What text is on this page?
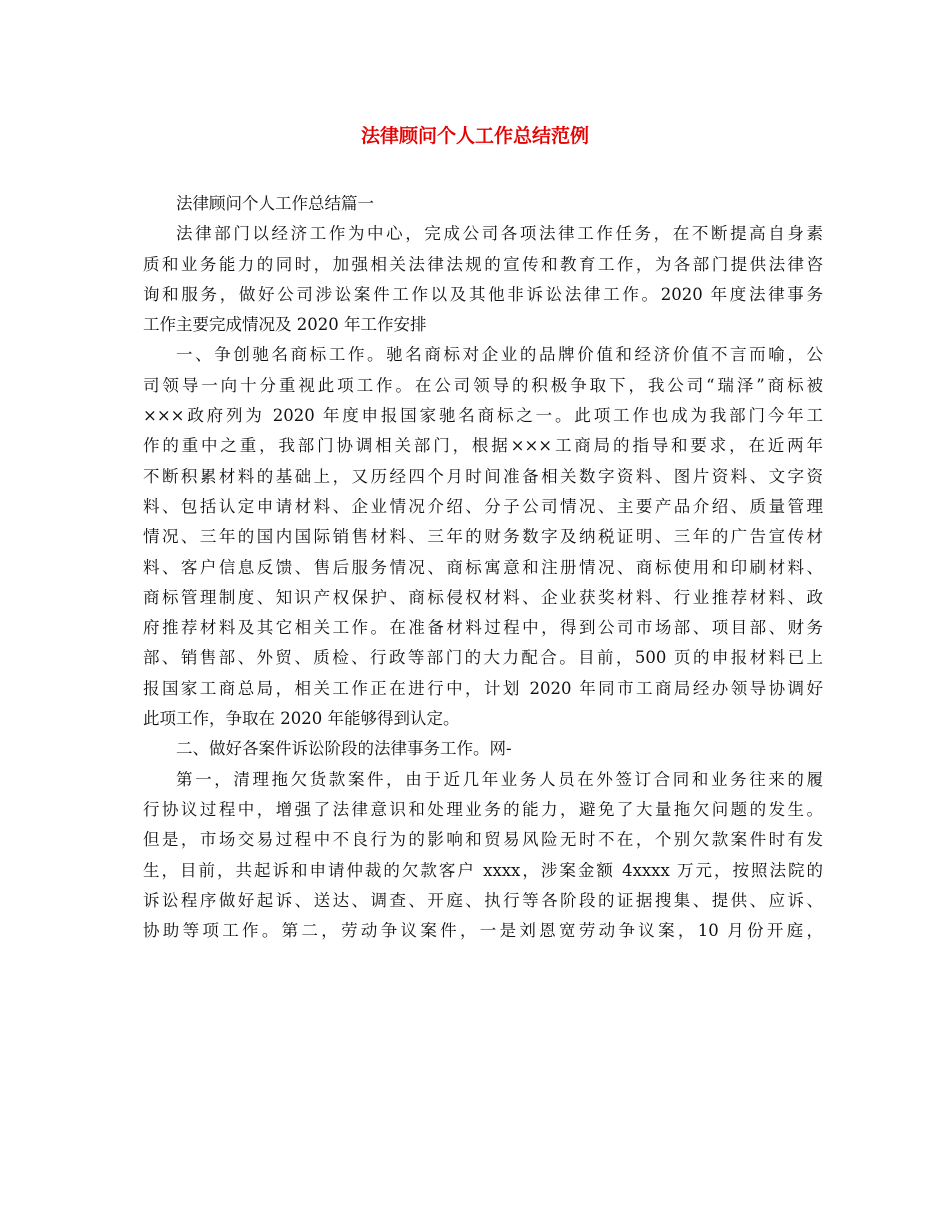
法律顾问个人工作总结范例
法律顾问个人工作总结篇一
法律部门以经济工作为中心，完成公司各项法律工作任务，在不断提高自身素
质和业务能力的同时，加强相关法律法规的宣传和教育工作，为各部门提供法律咨
询和服务，做好公司涉讼案件工作以及其他非诉讼法律工作。2020 年度法律事务
工作主要完成情况及 2020 年工作安排
一、争创驰名商标工作。驰名商标对企业的品牌价值和经济价值不言而喻，公
司领导一向十分重视此项工作。在公司领导的积极争取下，我公司“瑞泽”商标被
×××政府列为 2020 年度申报国家驰名商标之一。此项工作也成为我部门今年工
作的重中之重，我部门协调相关部门，根据×××工商局的指导和要求，在近两年
不断积累材料的基础上，又历经四个月时间准备相关数字资料、图片资料、文字资
料、包括认定申请材料、企业情况介绍、分子公司情况、主要产品介绍、质量管理
情况、三年的国内国际销售材料、三年的财务数字及纳税证明、三年的广告宣传材
料、客户信息反馈、售后服务情况、商标寓意和注册情况、商标使用和印刷材料、
商标管理制度、知识产权保护、商标侵权材料、企业获奖材料、行业推荐材料、政
府推荐材料及其它相关工作。在准备材料过程中，得到公司市场部、项目部、财务
部、销售部、外贸、质检、行政等部门的大力配合。目前，500 页的申报材料已上
报国家工商总局，相关工作正在进行中，计划 2020 年同市工商局经办领导协调好
此项工作，争取在 2020 年能够得到认定。
二、做好各案件诉讼阶段的法律事务工作。网-
第一，清理拖欠货款案件，由于近几年业务人员在外签订合同和业务往来的履
行协议过程中，增强了法律意识和处理业务的能力，避免了大量拖欠问题的发生。
但是，市场交易过程中不良行为的影响和贸易风险无时不在，个别欠款案件时有发
生，目前，共起诉和申请仲裁的欠款客户 xxxx，涉案金额 4xxxx 万元，按照法院的
诉讼程序做好起诉、送达、调查、开庭、执行等各阶段的证据搜集、提供、应诉、
协助等项工作。第二，劳动争议案件，一是刘恩宽劳动争议案，10 月份开庭，
